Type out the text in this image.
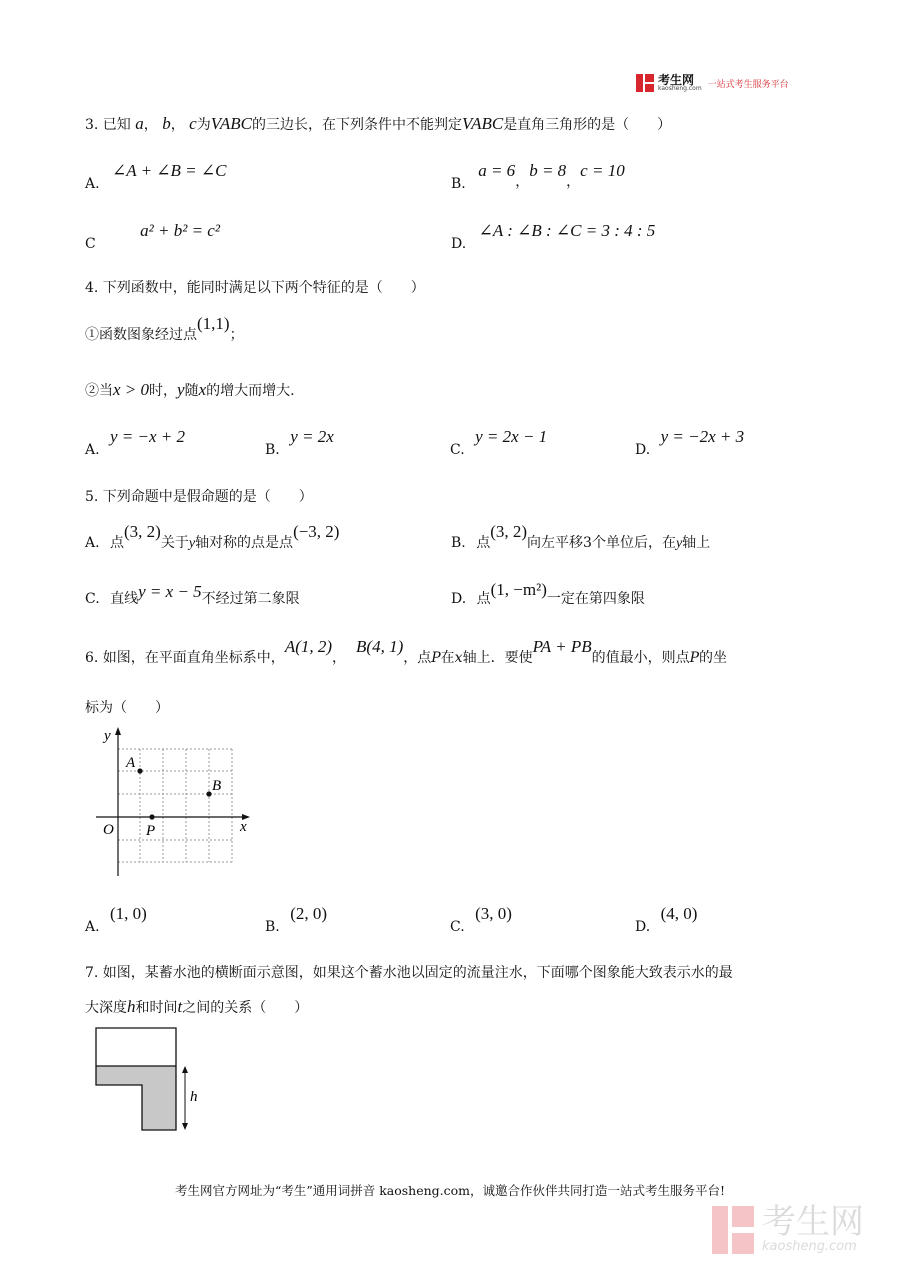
考生网
kaosheng.com 一站式考生服务平台
3. 已知 a， b， c为VABC的三边长，在下列条件中不能判定VABC是直角三角形的是（　　）
A. ∠A + ∠B = ∠C
B. a = 6，b = 8，c = 10
C a² + b² = c²
D. ∠A : ∠B : ∠C = 3 : 4 : 5
4. 下列函数中，能同时满足以下两个特征的是（　　）
①函数图象经过点(1,1)；
②当x > 0时，y随x的增大而增大.
A. y = −x + 2
B. y = 2x
C. y = 2x − 1
D. y = −2x + 3
5. 下列命题中是假命题的是（　　）
A. 点(3, 2)关于y轴对称的点是点(−3, 2)
B. 点(3, 2)向左平移3个单位后，在y轴上
C. 直线y = x − 5不经过第二象限	D. 点(1, −m²)一定在第四象限
6. 如图，在平面直角坐标系中，A(1, 2)，B(4, 1)，点P在x轴上．要使PA + PB的值最小，则点P的坐
标为（　　）
y
x
O
A
B
P
A. (1, 0)
B. (2, 0)
C. (3, 0)
D. (4, 0)
7. 如图，某蓄水池的横断面示意图，如果这个蓄水池以固定的流量注水，下面哪个图象能大致表示水的最
大深度h和时间t之间的关系（　　）
h
考生网官方网址为“考生”通用词拼音 kaosheng.com，诚邀合作伙伴共同打造一站式考生服务平台!
考生网
kaosheng.com
